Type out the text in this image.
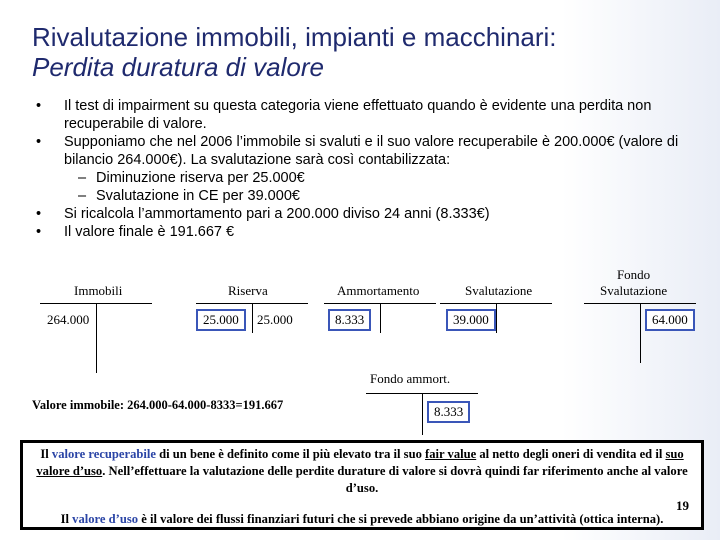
Rivalutazione immobili, impianti e macchinari:
Perdita duratura di valore
• Il test di impairment su questa categoria viene effettuato quando è evidente una perdita non recuperabile di valore.
• Supponiamo che nel 2006 l’immobile si svaluti e il suo valore recuperabile è 200.000€ (valore di bilancio 264.000€). La svalutazione sarà così contabilizzata:
– Diminuzione riserva per 25.000€
– Svalutazione in CE per 39.000€
• Si ricalcola l’ammortamento pari a 200.000 diviso 24 anni (8.333€)
• Il valore finale è 191.667 €
Immobili
264.000
Riserva
25.000	25.000
Ammortamento
8.333
Svalutazione
39.000
Fondo
Svalutazione
64.000
Fondo ammort.
8.333
Valore immobile: 264.000-64.000-8333=191.667
Il valore recuperabile di un bene è definito come il più elevato tra il suo fair value al netto degli oneri di vendita ed il suo valore d’uso. Nell’effettuare la valutazione delle perdite durature di valore si dovrà quindi far riferimento anche al valore d’uso.
Il valore d’uso è il valore dei flussi finanziari futuri che si prevede abbiano origine da un’attività (ottica interna).
19
